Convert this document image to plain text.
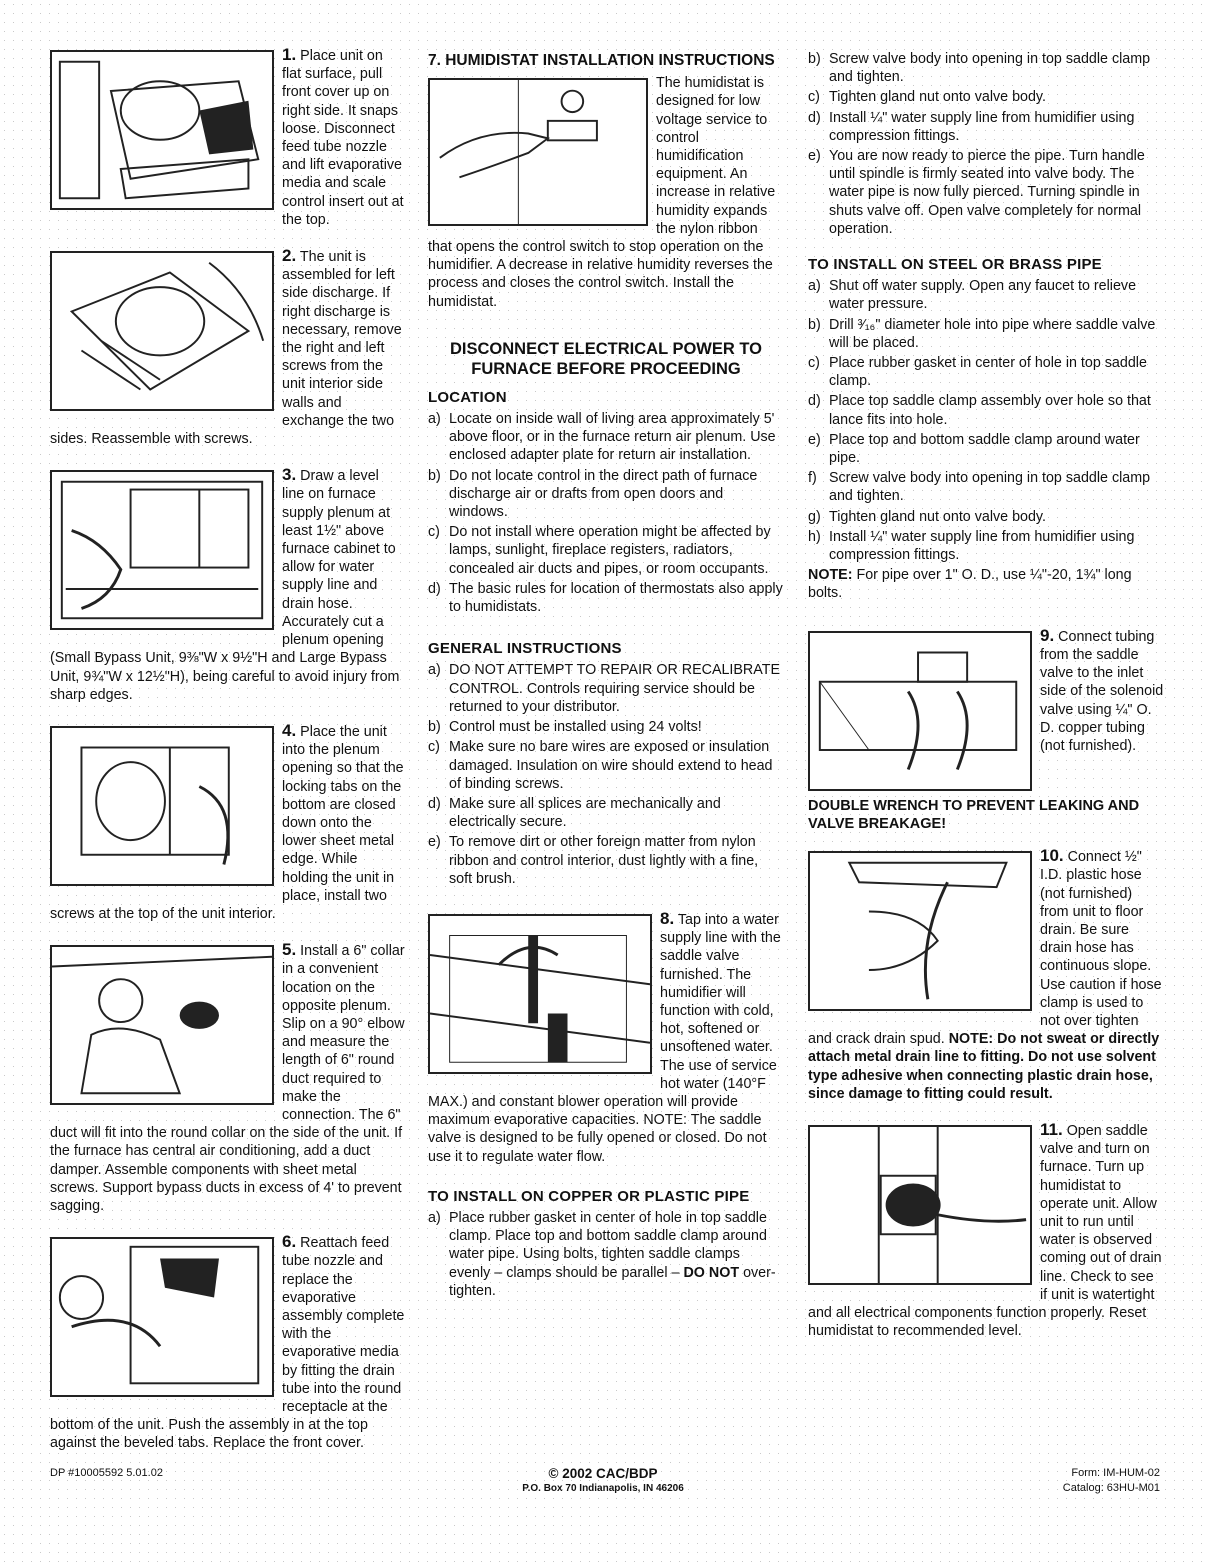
1. Place unit on flat surface, pull front cover up on right side. It snaps loose. Disconnect feed tube nozzle and lift evaporative media and scale control insert out at the top.
2. The unit is assembled for left side discharge. If right discharge is necessary, remove the right and left screws from the unit interior side walls and exchange the two sides. Reassemble with screws.
3. Draw a level line on furnace supply plenum at least 1½" above furnace cabinet to allow for water supply line and drain hose. Accurately cut a plenum opening (Small Bypass Unit, 9⅜"W x 9½"H and Large Bypass Unit, 9¾"W x 12½"H), being careful to avoid injury from sharp edges.
4. Place the unit into the plenum opening so that the locking tabs on the bottom are closed down onto the lower sheet metal edge. While holding the unit in place, install two screws at the top of the unit interior.
5. Install a 6" collar in a convenient location on the opposite plenum. Slip on a 90° elbow and measure the length of 6" round duct required to make the connection. The 6" duct will fit into the round collar on the side of the unit. If the furnace has central air conditioning, add a duct damper. Assemble components with sheet metal screws. Support bypass ducts in excess of 4' to prevent sagging.
6. Reattach feed tube nozzle and replace the evaporative assembly complete with the evaporative media by fitting the drain tube into the round receptacle at the bottom of the unit. Push the assembly in at the top against the beveled tabs. Replace the front cover.
7. HUMIDISTAT INSTALLATION INSTRUCTIONS
The humidistat is designed for low voltage service to control humidification equipment. An increase in relative humidity expands the nylon ribbon that opens the control switch to stop operation on the humidifier. A decrease in relative humidity reverses the process and closes the control switch. Install the humidistat.
DISCONNECT ELECTRICAL POWER TO FURNACE BEFORE PROCEEDING
LOCATION
a) Locate on inside wall of living area approximately 5' above floor, or in the furnace return air plenum. Use enclosed adapter plate for return air installation.
b) Do not locate control in the direct path of furnace discharge air or drafts from open doors and windows.
c) Do not install where operation might be affected by lamps, sunlight, fireplace registers, radiators, concealed air ducts and pipes, or room occupants.
d) The basic rules for location of thermostats also apply to humidistats.
GENERAL INSTRUCTIONS
a) DO NOT ATTEMPT TO REPAIR OR RECALIBRATE CONTROL. Controls requiring service should be returned to your distributor.
b) Control must be installed using 24 volts!
c) Make sure no bare wires are exposed or insulation damaged. Insulation on wire should extend to head of binding screws.
d) Make sure all splices are mechanically and electrically secure.
e) To remove dirt or other foreign matter from nylon ribbon and control interior, dust lightly with a fine, soft brush.
8. Tap into a water supply line with the saddle valve furnished. The humidifier will function with cold, hot, softened or unsoftened water. The use of service hot water (140°F MAX.) and constant blower operation will provide maximum evaporative capacities. NOTE: The saddle valve is designed to be fully opened or closed. Do not use it to regulate water flow.
TO INSTALL ON COPPER OR PLASTIC PIPE
a) Place rubber gasket in center of hole in top saddle clamp. Place top and bottom saddle clamp around water pipe. Using bolts, tighten saddle clamps evenly – clamps should be parallel – DO NOT over-tighten.
b) Screw valve body into opening in top saddle clamp and tighten.
c) Tighten gland nut onto valve body.
d) Install ¼" water supply line from humidifier using compression fittings.
e) You are now ready to pierce the pipe. Turn handle until spindle is firmly seated into valve body. The water pipe is now fully pierced. Turning spindle in shuts valve off. Open valve completely for normal operation.
TO INSTALL ON STEEL OR BRASS PIPE
a) Shut off water supply. Open any faucet to relieve water pressure.
b) Drill ³⁄₁₆" diameter hole into pipe where saddle valve will be placed.
c) Place rubber gasket in center of hole in top saddle clamp.
d) Place top saddle clamp assembly over hole so that lance fits into hole.
e) Place top and bottom saddle clamp around water pipe.
f) Screw valve body into opening in top saddle clamp and tighten.
g) Tighten gland nut onto valve body.
h) Install ¼" water supply line from humidifier using compression fittings.
NOTE: For pipe over 1" O. D., use ¼"-20, 1¾" long bolts.
9. Connect tubing from the saddle valve to the inlet side of the solenoid valve using ¼" O. D. copper tubing (not furnished).
DOUBLE WRENCH TO PREVENT LEAKING AND VALVE BREAKAGE!
10. Connect ½" I.D. plastic hose (not furnished) from unit to floor drain. Be sure drain hose has continuous slope. Use caution if hose clamp is used to not over tighten and crack drain spud. NOTE: Do not sweat or directly attach metal drain line to fitting. Do not use solvent type adhesive when connecting plastic drain hose, since damage to fitting could result.
11. Open saddle valve and turn on furnace. Turn up humidistat to operate unit. Allow unit to run until water is observed coming out of drain line. Check to see if unit is watertight and all electrical components function properly. Reset humidistat to recommended level.
DP #10005592 5.01.02	© 2002 CAC/BDP
P.O. Box 70 Indianapolis, IN 46206
Form: IM-HUM-02
Catalog: 63HU-M01
